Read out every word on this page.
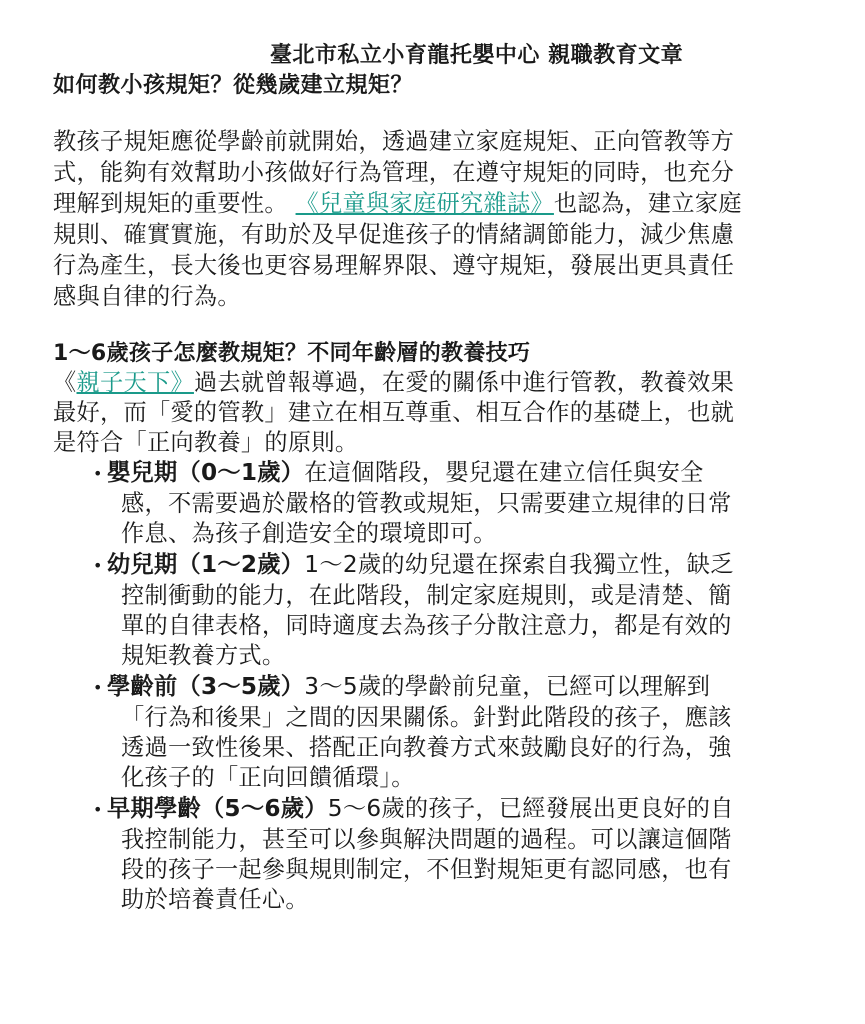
臺北市私立小育龍托嬰中心 親職教育文章
如何教小孩規矩？從幾歲建立規矩？
教孩子規矩應從學齡前就開始，透過建立家庭規矩、正向管教等方
式，能夠有效幫助小孩做好行為管理，在遵守規矩的同時，也充分
理解到規矩的重要性。 《兒童與家庭研究雜誌》也認為，建立家庭
規則、確實實施，有助於及早促進孩子的情緒調節能力，減少焦慮
行為產生，長大後也更容易理解界限、遵守規矩，發展出更具責任
感與自律的行為。
1～6歲孩子怎麼教規矩？不同年齡層的教養技巧
《親子天下》過去就曾報導過，在愛的關係中進行管教，教養效果
最好，而「愛的管教」建立在相互尊重、相互合作的基礎上，也就
是符合「正向教養」的原則。
• 嬰兒期（0～1歲）在這個階段，嬰兒還在建立信任與安全
感，不需要過於嚴格的管教或規矩，只需要建立規律的日常
作息、為孩子創造安全的環境即可。
• 幼兒期（1～2歲）1～2歲的幼兒還在探索自我獨立性，缺乏
控制衝動的能力，在此階段，制定家庭規則，或是清楚、簡
單的自律表格，同時適度去為孩子分散注意力，都是有效的
規矩教養方式。
• 學齡前（3～5歲）3～5歲的學齡前兒童，已經可以理解到
「行為和後果」之間的因果關係。針對此階段的孩子，應該
透過一致性後果、搭配正向教養方式來鼓勵良好的行為，強
化孩子的「正向回饋循環」。
• 早期學齡（5～6歲）5～6歲的孩子，已經發展出更良好的自
我控制能力，甚至可以參與解決問題的過程。可以讓這個階
段的孩子一起參與規則制定，不但對規矩更有認同感，也有
助於培養責任心。
